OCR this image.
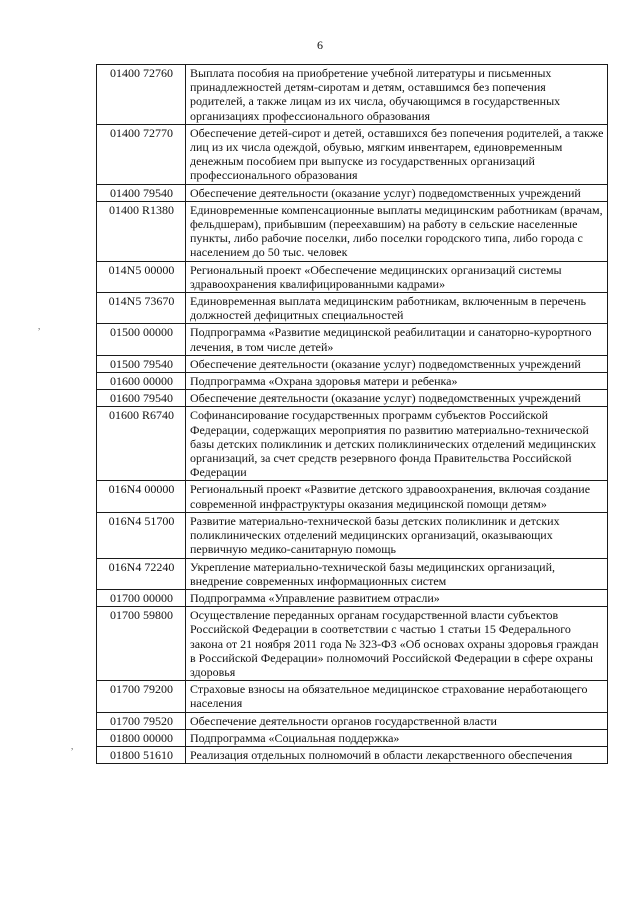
6
01400 72760	Выплата пособия на приобретение учебной литературы и письменных принадлежностей детям-сиротам и детям, оставшимся без попечения родителей, а также лицам из их числа, обучающимся в государственных организациях профессионального образования
01400 72770	Обеспечение детей-сирот и детей, оставшихся без попечения родителей, а также лиц из их числа одеждой, обувью, мягким инвентарем, единовременным денежным пособием при выпуске из государственных организаций профессионального образования
01400 79540	Обеспечение деятельности (оказание услуг) подведомственных учреждений
01400 R1380	Единовременные компенсационные выплаты медицинским работникам (врачам, фельдшерам), прибывшим (переехавшим) на работу в сельские населенные пункты, либо рабочие поселки, либо поселки городского типа, либо города с населением до 50 тыс. человек
014N5 00000	Региональный проект «Обеспечение медицинских организаций системы здравоохранения квалифицированными кадрами»
014N5 73670	Единовременная выплата медицинским работникам, включенным в перечень должностей дефицитных специальностей
01500 00000	Подпрограмма «Развитие медицинской реабилитации и санаторно-курортного лечения, в том числе детей»
01500 79540	Обеспечение деятельности (оказание услуг) подведомственных учреждений
01600 00000	Подпрограмма «Охрана здоровья матери и ребенка»
01600 79540	Обеспечение деятельности (оказание услуг) подведомственных учреждений
01600 R6740	Софинансирование государственных программ субъектов Российской Федерации, содержащих мероприятия по развитию материально-технической базы детских поликлиник и детских поликлинических отделений медицинских организаций, за счет средств резервного фонда Правительства Российской Федерации
016N4 00000	Региональный проект «Развитие детского здравоохранения, включая создание современной инфраструктуры оказания медицинской помощи детям»
016N4 51700	Развитие материально-технической базы детских поликлиник и детских поликлинических отделений медицинских организаций, оказывающих первичную медико-санитарную помощь
016N4 72240	Укрепление материально-технической базы медицинских организаций, внедрение современных информационных систем
01700 00000	Подпрограмма «Управление развитием отрасли»
01700 59800	Осуществление переданных органам государственной власти субъектов Российской Федерации в соответствии с частью 1 статьи 15 Федерального закона от 21 ноября 2011 года № 323-ФЗ «Об основах охраны здоровья граждан в Российской Федерации» полномочий Российской Федерации в сфере охраны здоровья
01700 79200	Страховые взносы на обязательное медицинское страхование неработающего населения
01700 79520	Обеспечение деятельности органов государственной власти
01800 00000	Подпрограмма «Социальная поддержка»
01800 51610	Реализация отдельных полномочий в области лекарственного обеспечения
,
,
